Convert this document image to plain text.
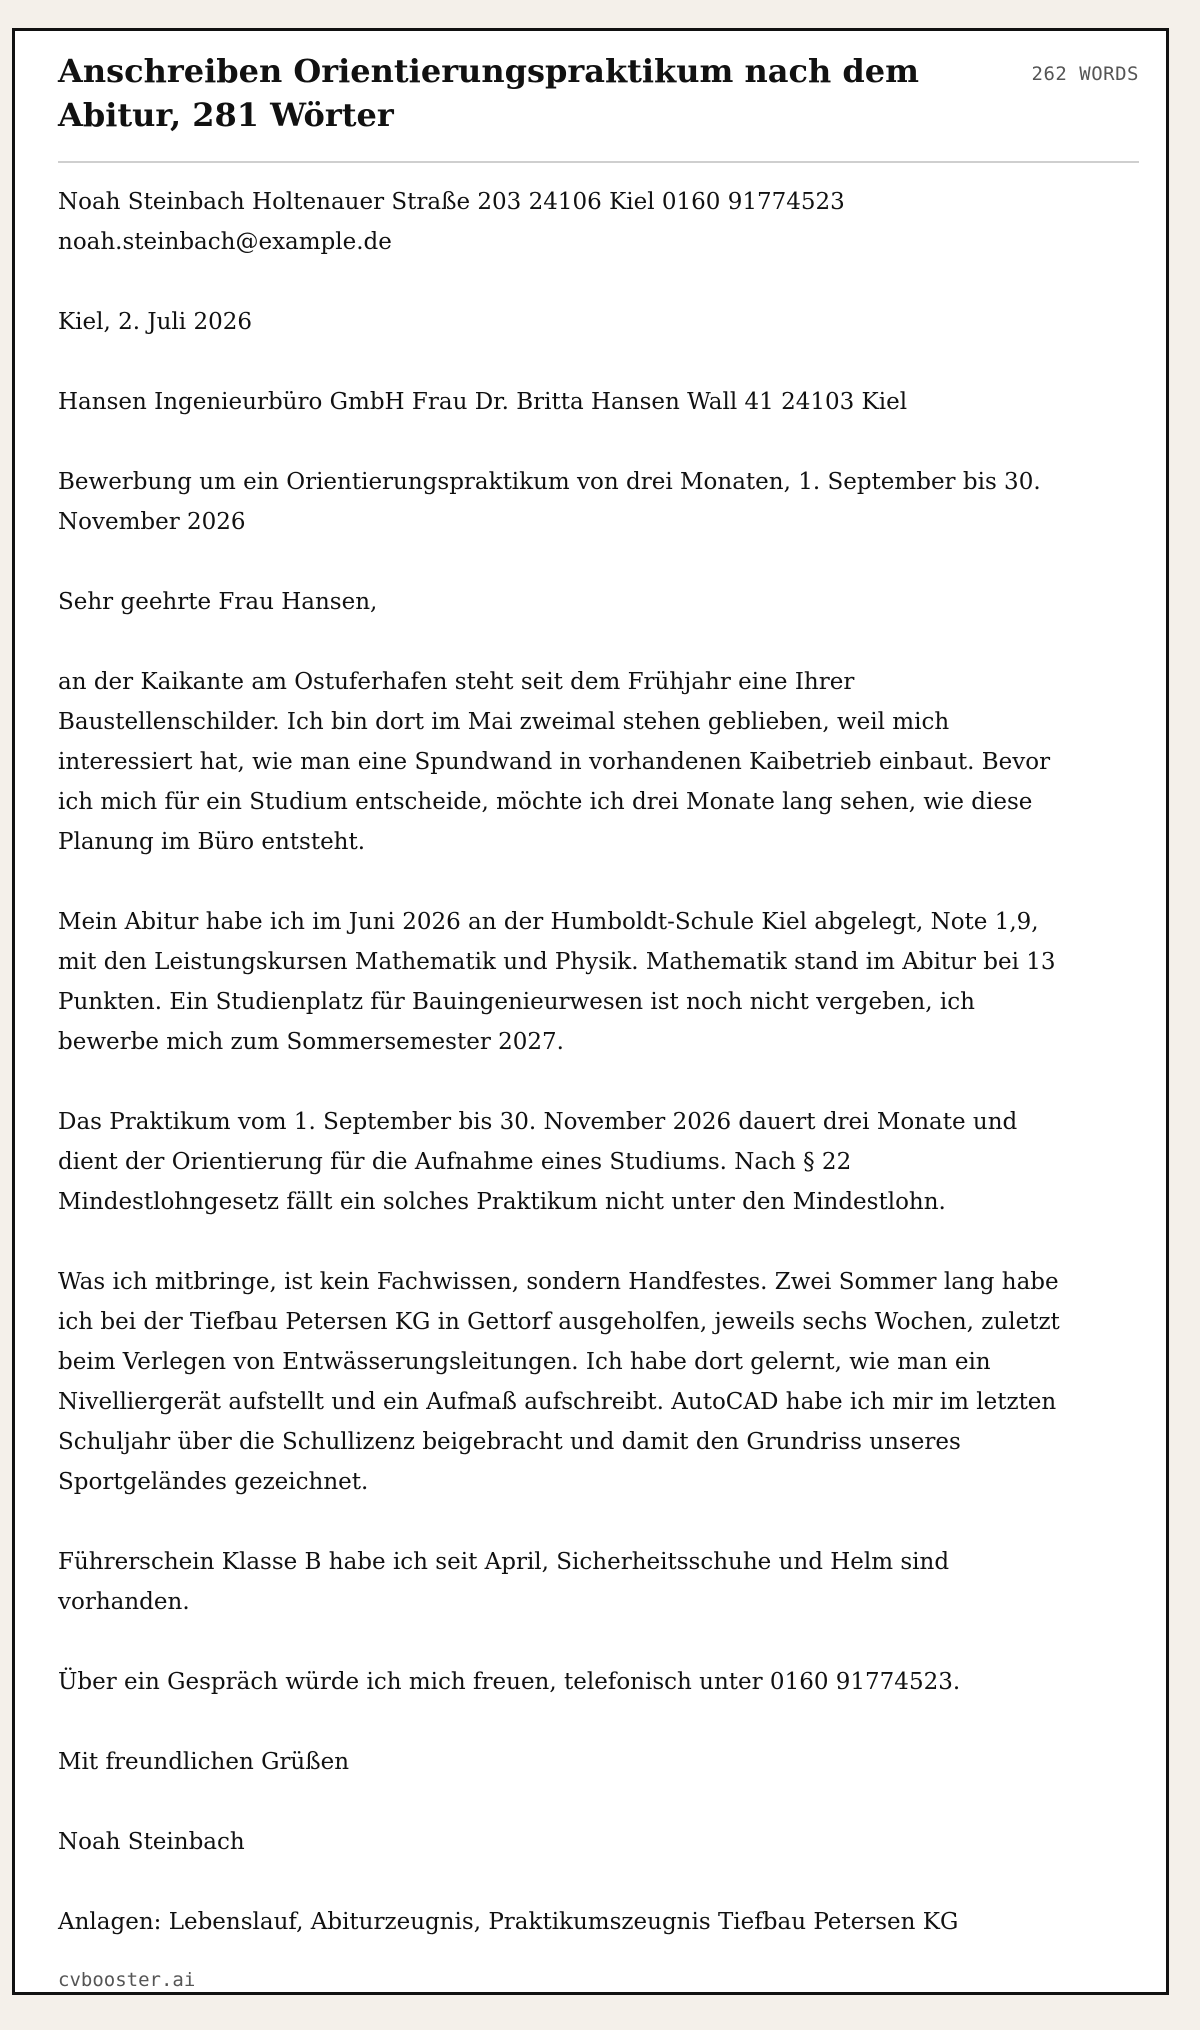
Anschreiben Orientierungspraktikum nach dem Abitur, 281 Wörter
262 WORDS

Noah Steinbach Holtenauer Straße 203 24106 Kiel 0160 91774523 noah.steinbach@example.de

Kiel, 2. Juli 2026

Hansen Ingenieurbüro GmbH Frau Dr. Britta Hansen Wall 41 24103 Kiel

Bewerbung um ein Orientierungspraktikum von drei Monaten, 1. September bis 30. November 2026

Sehr geehrte Frau Hansen,

an der Kaikante am Ostuferhafen steht seit dem Frühjahr eine Ihrer Baustellenschilder. Ich bin dort im Mai zweimal stehen geblieben, weil mich interessiert hat, wie man eine Spundwand in vorhandenen Kaibetrieb einbaut. Bevor ich mich für ein Studium entscheide, möchte ich drei Monate lang sehen, wie diese Planung im Büro entsteht.

Mein Abitur habe ich im Juni 2026 an der Humboldt-Schule Kiel abgelegt, Note 1,9, mit den Leistungskursen Mathematik und Physik. Mathematik stand im Abitur bei 13 Punkten. Ein Studienplatz für Bauingenieurwesen ist noch nicht vergeben, ich bewerbe mich zum Sommersemester 2027.

Das Praktikum vom 1. September bis 30. November 2026 dauert drei Monate und dient der Orientierung für die Aufnahme eines Studiums. Nach § 22 Mindestlohngesetz fällt ein solches Praktikum nicht unter den Mindestlohn.

Was ich mitbringe, ist kein Fachwissen, sondern Handfestes. Zwei Sommer lang habe ich bei der Tiefbau Petersen KG in Gettorf ausgeholfen, jeweils sechs Wochen, zuletzt beim Verlegen von Entwässerungsleitungen. Ich habe dort gelernt, wie man ein Nivelliergerät aufstellt und ein Aufmaß aufschreibt. AutoCAD habe ich mir im letzten Schuljahr über die Schullizenz beigebracht und damit den Grundriss unseres Sportgeländes gezeichnet.

Führerschein Klasse B habe ich seit April, Sicherheitsschuhe und Helm sind vorhanden.

Über ein Gespräch würde ich mich freuen, telefonisch unter 0160 91774523.

Mit freundlichen Grüßen

Noah Steinbach

Anlagen: Lebenslauf, Abiturzeugnis, Praktikumszeugnis Tiefbau Petersen KG

cvbooster.ai
